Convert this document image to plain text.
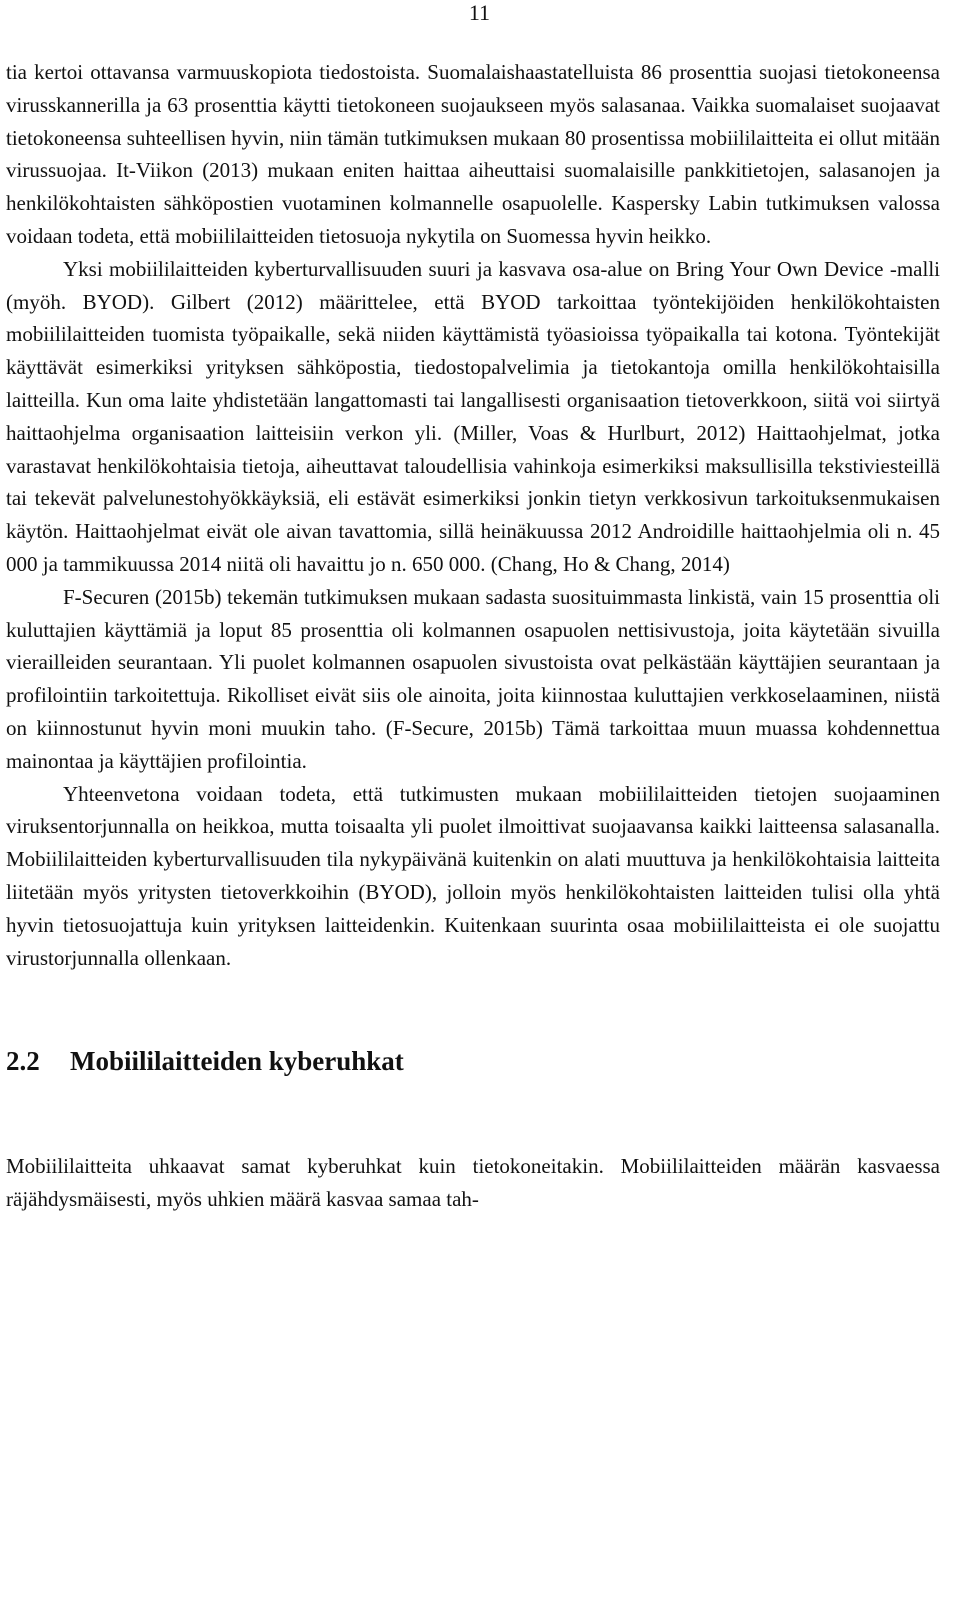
11

tia kertoi ottavansa varmuuskopiota tiedostoista. Suomalaishaastatelluista 86 prosenttia suojasi tietokoneensa virusskannerilla ja 63 prosenttia käytti tietokoneen suojaukseen myös salasanaa. Vaikka suomalaiset suojaavat tietokoneensa suhteellisen hyvin, niin tämän tutkimuksen mukaan 80 prosentissa mobiililaitteita ei ollut mitään virussuojaa. It-Viikon (2013) mukaan eniten haittaa aiheuttaisi suomalaisille pankkitietojen, salasanojen ja henkilökohtaisten sähköpostien vuotaminen kolmannelle osapuolelle. Kaspersky Labin tutkimuksen valossa voidaan todeta, että mobiililaitteiden tietosuoja nykytila on Suomessa hyvin heikko.

Yksi mobiililaitteiden kyberturvallisuuden suuri ja kasvava osa-alue on Bring Your Own Device -malli (myöh. BYOD). Gilbert (2012) määrittelee, että BYOD tarkoittaa työntekijöiden henkilökohtaisten mobiililaitteiden tuomista työpaikalle, sekä niiden käyttämistä työasioissa työpaikalla tai kotona. Työntekijät käyttävät esimerkiksi yrityksen sähköpostia, tiedostopalvelimia ja tietokantoja omilla henkilökohtaisilla laitteilla. Kun oma laite yhdistetään langattomasti tai langallisesti organisaation tietoverkkoon, siitä voi siirtyä haittaohjelma organisaation laitteisiin verkon yli. (Miller, Voas & Hurlburt, 2012) Haittaohjelmat, jotka varastavat henkilökohtaisia tietoja, aiheuttavat taloudellisia vahinkoja esimerkiksi maksullisilla tekstiviesteillä tai tekevät palvelunestohyökkäyksiä, eli estävät esimerkiksi jonkin tietyn verkkosivun tarkoituksenmukaisen käytön. Haittaohjelmat eivät ole aivan tavattomia, sillä heinäkuussa 2012 Androidille haittaohjelmia oli n. 45 000 ja tammikuussa 2014 niitä oli havaittu jo n. 650 000. (Chang, Ho & Chang, 2014)

F-Securen (2015b) tekemän tutkimuksen mukaan sadasta suosituimmasta linkistä, vain 15 prosenttia oli kuluttajien käyttämiä ja loput 85 prosenttia oli kolmannen osapuolen nettisivustoja, joita käytetään sivuilla vierailleiden seurantaan. Yli puolet kolmannen osapuolen sivustoista ovat pelkästään käyttäjien seurantaan ja profilointiin tarkoitettuja. Rikolliset eivät siis ole ainoita, joita kiinnostaa kuluttajien verkkoselaaminen, niistä on kiinnostunut hyvin moni muukin taho. (F-Secure, 2015b) Tämä tarkoittaa muun muassa kohdennettua mainontaa ja käyttäjien profilointia.

Yhteenvetona voidaan todeta, että tutkimusten mukaan mobiililaitteiden tietojen suojaaminen viruksentorjunnalla on heikkoa, mutta toisaalta yli puolet ilmoittivat suojaavansa kaikki laitteensa salasanalla. Mobiililaitteiden kyberturvallisuuden tila nykypäivänä kuitenkin on alati muuttuva ja henkilökohtaisia laitteita liitetään myös yritysten tietoverkkoihin (BYOD), jolloin myös henkilökohtaisten laitteiden tulisi olla yhtä hyvin tietosuojattuja kuin yrityksen laitteidenkin. Kuitenkaan suurinta osaa mobiililaitteista ei ole suojattu virustorjunnalla ollenkaan.

2.2	Mobiililaitteiden kyberuhkat

Mobiililaitteita uhkaavat samat kyberuhkat kuin tietokoneitakin. Mobiililaitteiden määrän kasvaessa räjähdysmäisesti, myös uhkien määrä kasvaa samaa tah-
